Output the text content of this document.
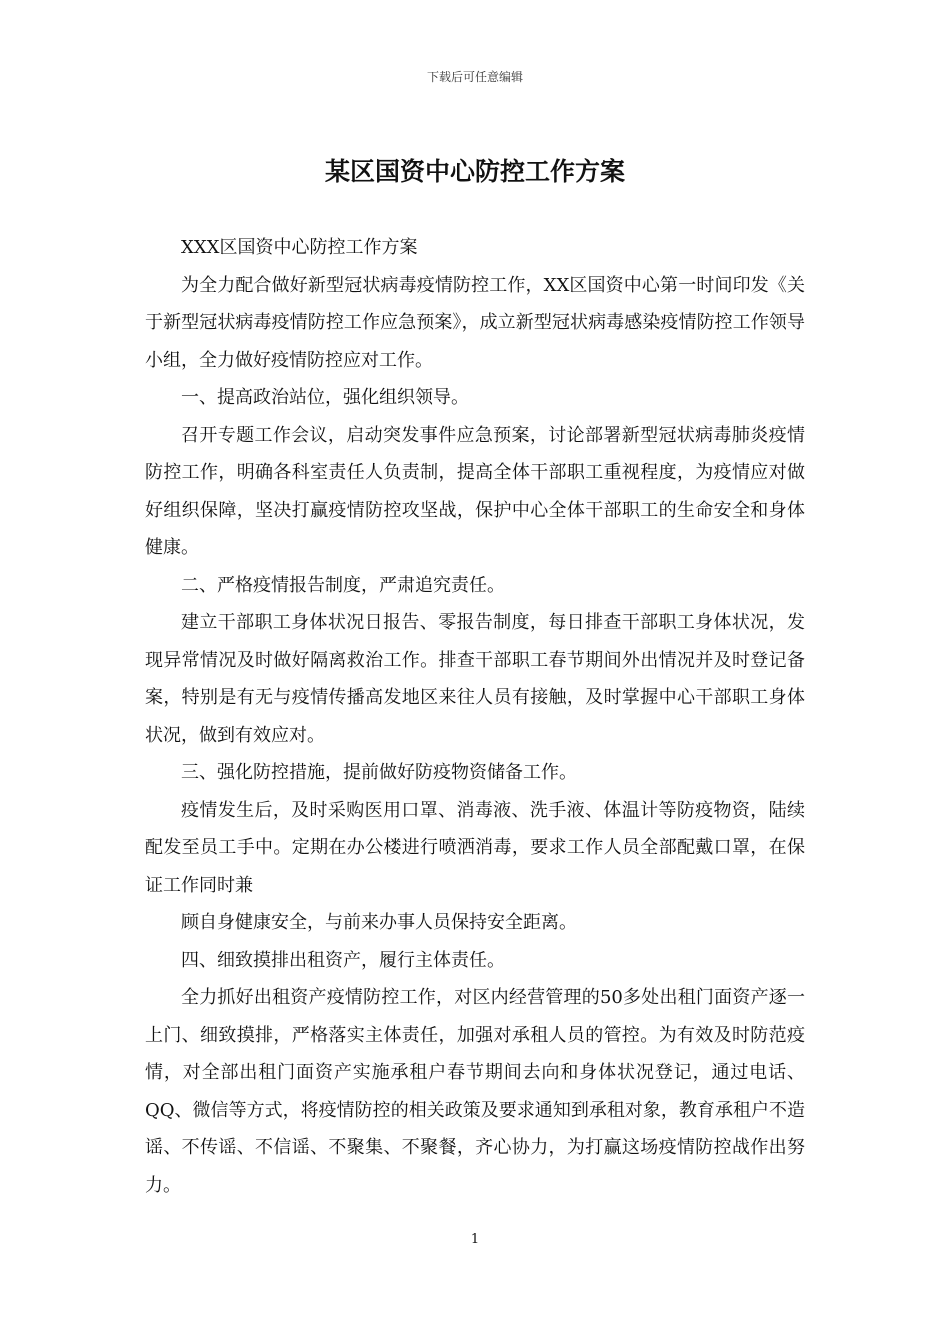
下载后可任意编辑
某区国资中心防控工作方案

XXX区国资中心防控工作方案

为全力配合做好新型冠状病毒疫情防控工作，XX区国资中心第一时间印发《关于新型冠状病毒疫情防控工作应急预案》，成立新型冠状病毒感染疫情防控工作领导小组，全力做好疫情防控应对工作。

一、提高政治站位，强化组织领导。

召开专题工作会议，启动突发事件应急预案，讨论部署新型冠状病毒肺炎疫情防控工作，明确各科室责任人负责制，提高全体干部职工重视程度，为疫情应对做好组织保障，坚决打赢疫情防控攻坚战，保护中心全体干部职工的生命安全和身体健康。

二、严格疫情报告制度，严肃追究责任。

建立干部职工身体状况日报告、零报告制度，每日排查干部职工身体状况，发现异常情况及时做好隔离救治工作。排查干部职工春节期间外出情况并及时登记备案，特别是有无与疫情传播高发地区来往人员有接触，及时掌握中心干部职工身体状况，做到有效应对。

三、强化防控措施，提前做好防疫物资储备工作。

疫情发生后，及时采购医用口罩、消毒液、洗手液、体温计等防疫物资，陆续配发至员工手中。定期在办公楼进行喷洒消毒，要求工作人员全部配戴口罩，在保证工作同时兼

顾自身健康安全，与前来办事人员保持安全距离。

四、细致摸排出租资产，履行主体责任。

全力抓好出租资产疫情防控工作，对区内经营管理的50多处出租门面资产逐一上门、细致摸排，严格落实主体责任，加强对承租人员的管控。为有效及时防范疫情，对全部出租门面资产实施承租户春节期间去向和身体状况登记，通过电话、QQ、微信等方式，将疫情防控的相关政策及要求通知到承租对象，教育承租户不造谣、不传谣、不信谣、不聚集、不聚餐，齐心协力，为打赢这场疫情防控战作出努力。

1
